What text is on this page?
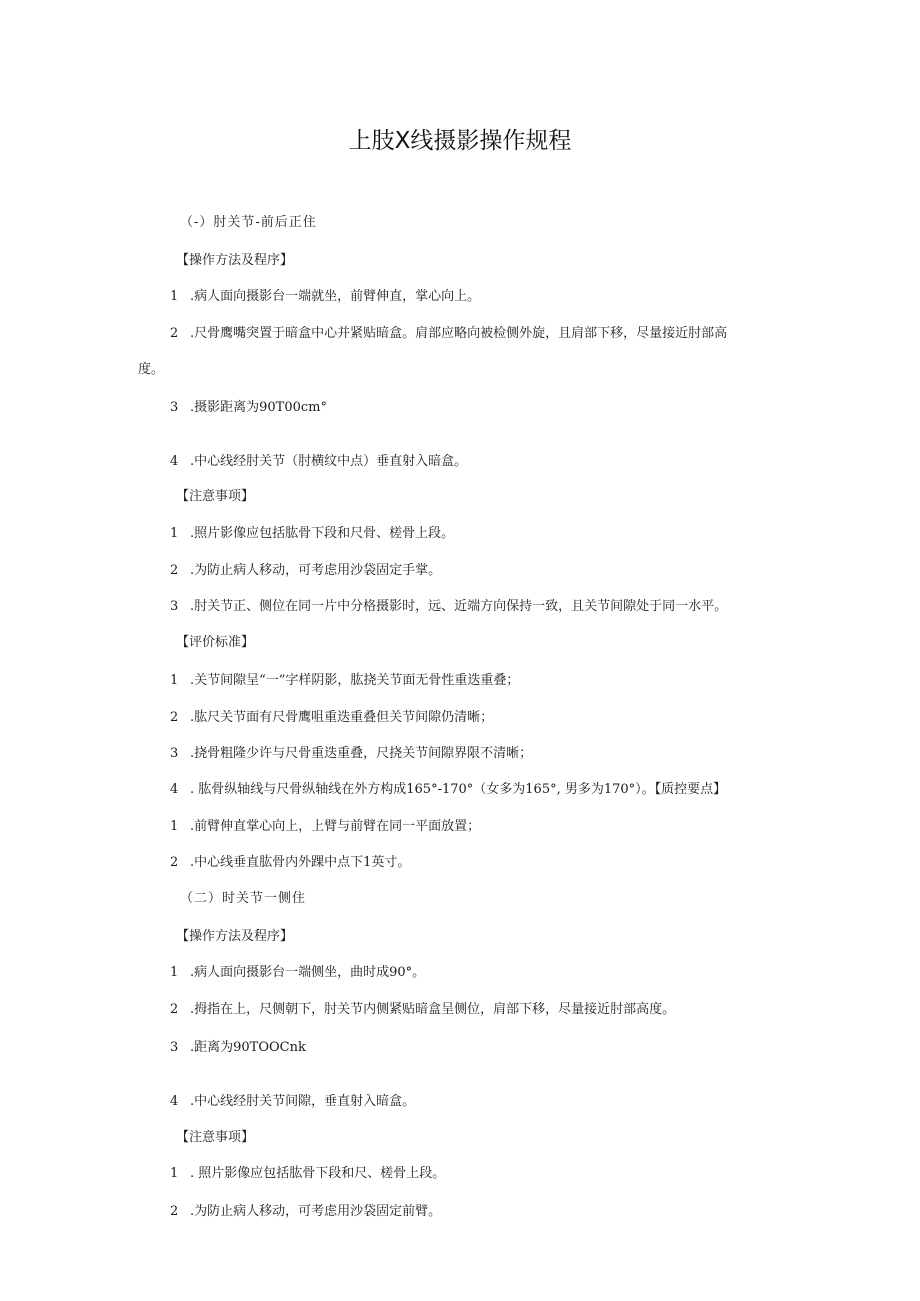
上肢X线摄影操作规程
（-）肘关节-前后正住
【操作方法及程序】
1 .病人面向摄影台一端就坐，前臂伸直，掌心向上。
2 .尺骨鹰嘴突置于暗盒中心并紧贴暗盒。肩部应略向被检侧外旋，且肩部下移，尽量接近肘部高
度。
3 .摄影距离为90T00cm°
4 .中心线经肘关节（肘横纹中点）垂直射入暗盒。
【注意事项】
1 .照片影像应包括肱骨下段和尺骨、槎骨上段。
2 .为防止病人移动，可考虑用沙袋固定手掌。
3 .肘关节正、侧位在同一片中分格摄影时，远、近端方向保持一致，且关节间隙处于同一水平。
【评价标准】
1 .关节间隙呈“一”字样阴影，肱挠关节面无骨性重迭重叠；
2 .肱尺关节面有尺骨鹰咀重迭重叠但关节间隙仍清晰；
3 .挠骨粗隆少许与尺骨重迭重叠，尺挠关节间隙界限不清晰；
4 . 肱骨纵轴线与尺骨纵轴线在外方构成165°-170°（女多为165°, 男多为170°）。【质控要点】
1 .前臂伸直掌心向上，上臂与前臂在同一平面放置；
2 .中心线垂直肱骨内外踝中点下1英寸。
（二）时关节一侧住
【操作方法及程序】
1 .病人面向摄影台一端侧坐，曲时成90°。
2 .拇指在上，尺侧朝下，肘关节内侧紧贴暗盒呈侧位，肩部下移，尽量接近肘部高度。
3 .距离为90TOOCnk
4 .中心线经肘关节间隙，垂直射入暗盒。
【注意事项】
1 . 照片影像应包括肱骨下段和尺、槎骨上段。
2 .为防止病人移动，可考虑用沙袋固定前臂。
